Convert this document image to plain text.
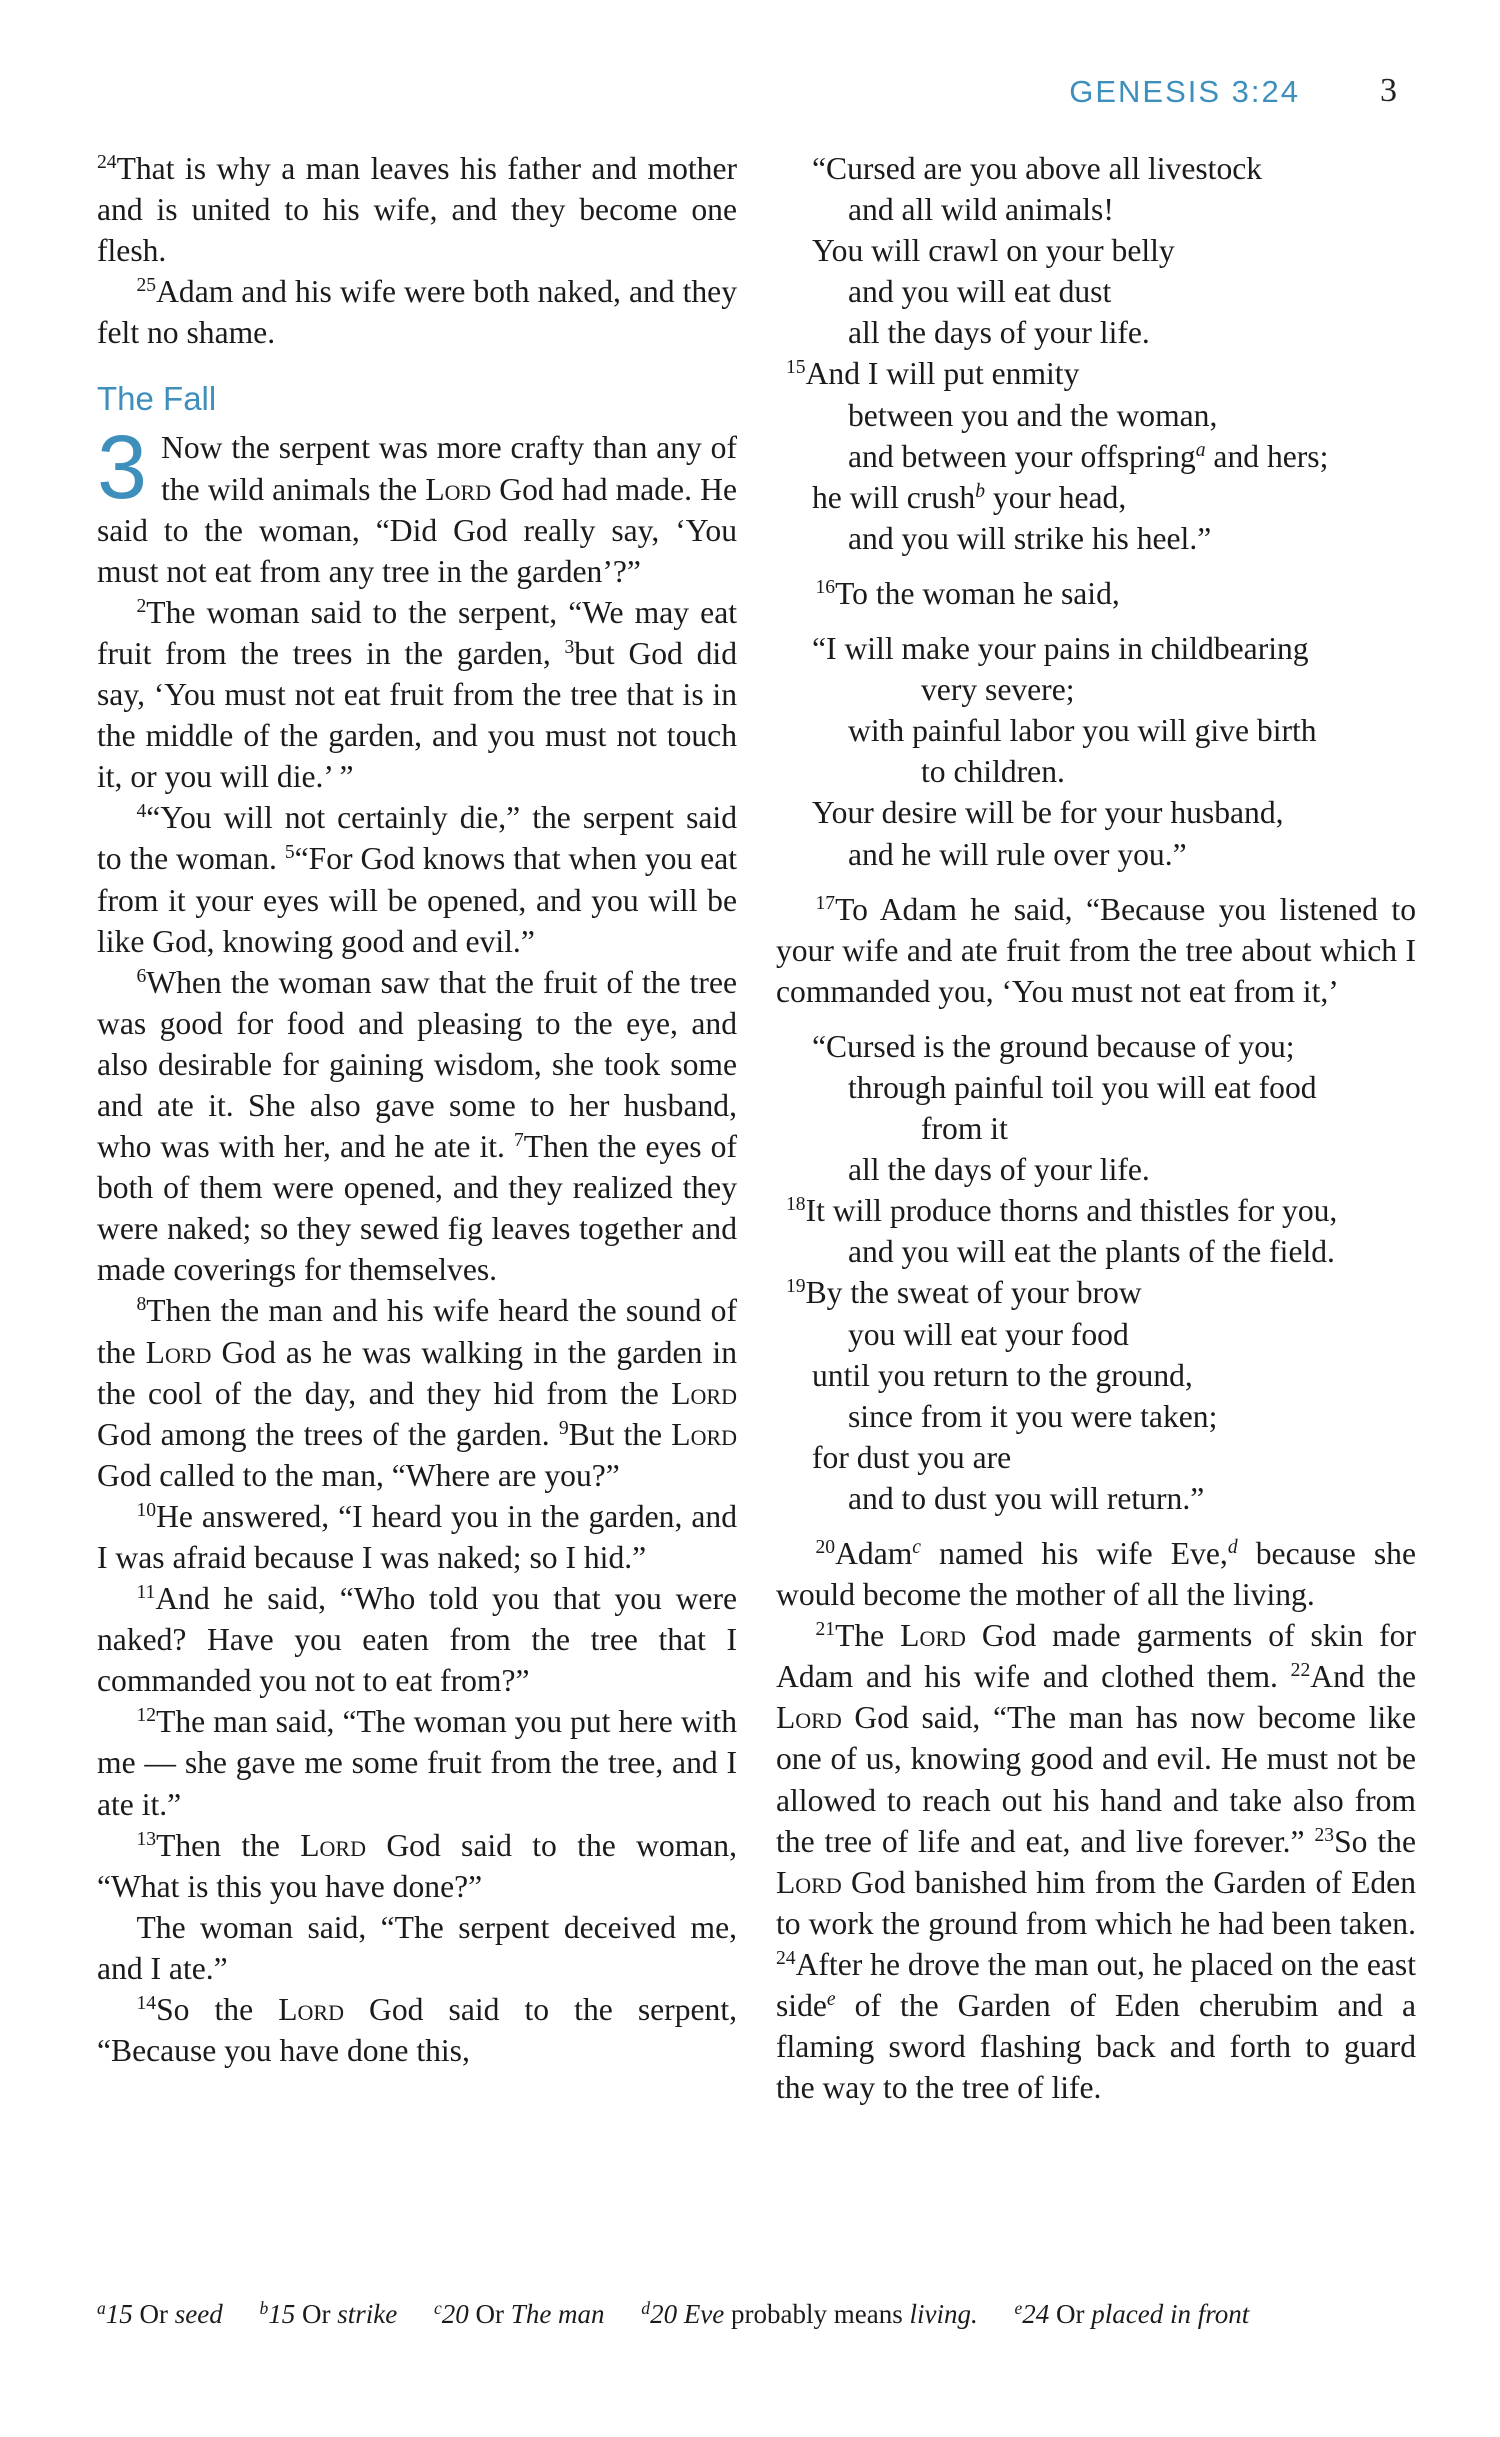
GENESIS 3:24 3

$^{24}$That is why a man leaves his father and mother and is united to his wife, and they become one flesh.

$^{25}$Adam and his wife were both naked, and they felt no shame.

The Fall

3 Now the serpent was more crafty than any of the wild animals the Lord God had made. He said to the woman, “Did God really say, ‘You must not eat from any tree in the garden’?”

$^2$The woman said to the serpent, “We may eat fruit from the trees in the garden, $^3$but God did say, ‘You must not eat fruit from the tree that is in the middle of the garden, and you must not touch it, or you will die.’ ”

$^4$“You will not certainly die,” the serpent said to the woman. $^5$“For God knows that when you eat from it your eyes will be opened, and you will be like God, knowing good and evil.”

$^6$When the woman saw that the fruit of the tree was good for food and pleasing to the eye, and also desirable for gaining wisdom, she took some and ate it. She also gave some to her husband, who was with her, and he ate it. $^7$Then the eyes of both of them were opened, and they realized they were naked; so they sewed fig leaves together and made coverings for themselves.

$^8$Then the man and his wife heard the sound of the Lord God as he was walking in the garden in the cool of the day, and they hid from the Lord God among the trees of the garden. $^9$But the Lord God called to the man, “Where are you?”

$^{10}$He answered, “I heard you in the garden, and I was afraid because I was naked; so I hid.”

$^{11}$And he said, “Who told you that you were naked? Have you eaten from the tree that I commanded you not to eat from?”

$^{12}$The man said, “The woman you put here with me — she gave me some fruit from the tree, and I ate it.”

$^{13}$Then the Lord God said to the woman, “What is this you have done?”

The woman said, “The serpent deceived me, and I ate.”

$^{14}$So the Lord God said to the serpent, “Because you have done this,

“Cursed are you above all livestock
and all wild animals!
You will crawl on your belly
and you will eat dust
all the days of your life.
$^{15}$And I will put enmity
between you and the woman,
and between your offspring$^a$ and hers;
he will crush$^b$ your head,
and you will strike his heel.”

$^{16}$To the woman he said,

“I will make your pains in childbearing
very severe;
with painful labor you will give birth
to children.
Your desire will be for your husband,
and he will rule over you.”

$^{17}$To Adam he said, “Because you listened to your wife and ate fruit from the tree about which I commanded you, ‘You must not eat from it,’

“Cursed is the ground because of you;
through painful toil you will eat food
from it
all the days of your life.
$^{18}$It will produce thorns and thistles for you,
and you will eat the plants of the field.
$^{19}$By the sweat of your brow
you will eat your food
until you return to the ground,
since from it you were taken;
for dust you are
and to dust you will return.”

$^{20}$Adam$^c$ named his wife Eve,$^d$ because she would become the mother of all the living.

$^{21}$The Lord God made garments of skin for Adam and his wife and clothed them. $^{22}$And the Lord God said, “The man has now become like one of us, knowing good and evil. He must not be allowed to reach out his hand and take also from the tree of life and eat, and live forever.” $^{23}$So the Lord God banished him from the Garden of Eden to work the ground from which he had been taken. $^{24}$After he drove the man out, he placed on the east side$^e$ of the Garden of Eden cherubim and a flaming sword flashing back and forth to guard the way to the tree of life.

$^a$15 Or seed $^b$15 Or strike $^c$20 Or The man $^d$20 Eve probably means living. $^e$24 Or placed in front
